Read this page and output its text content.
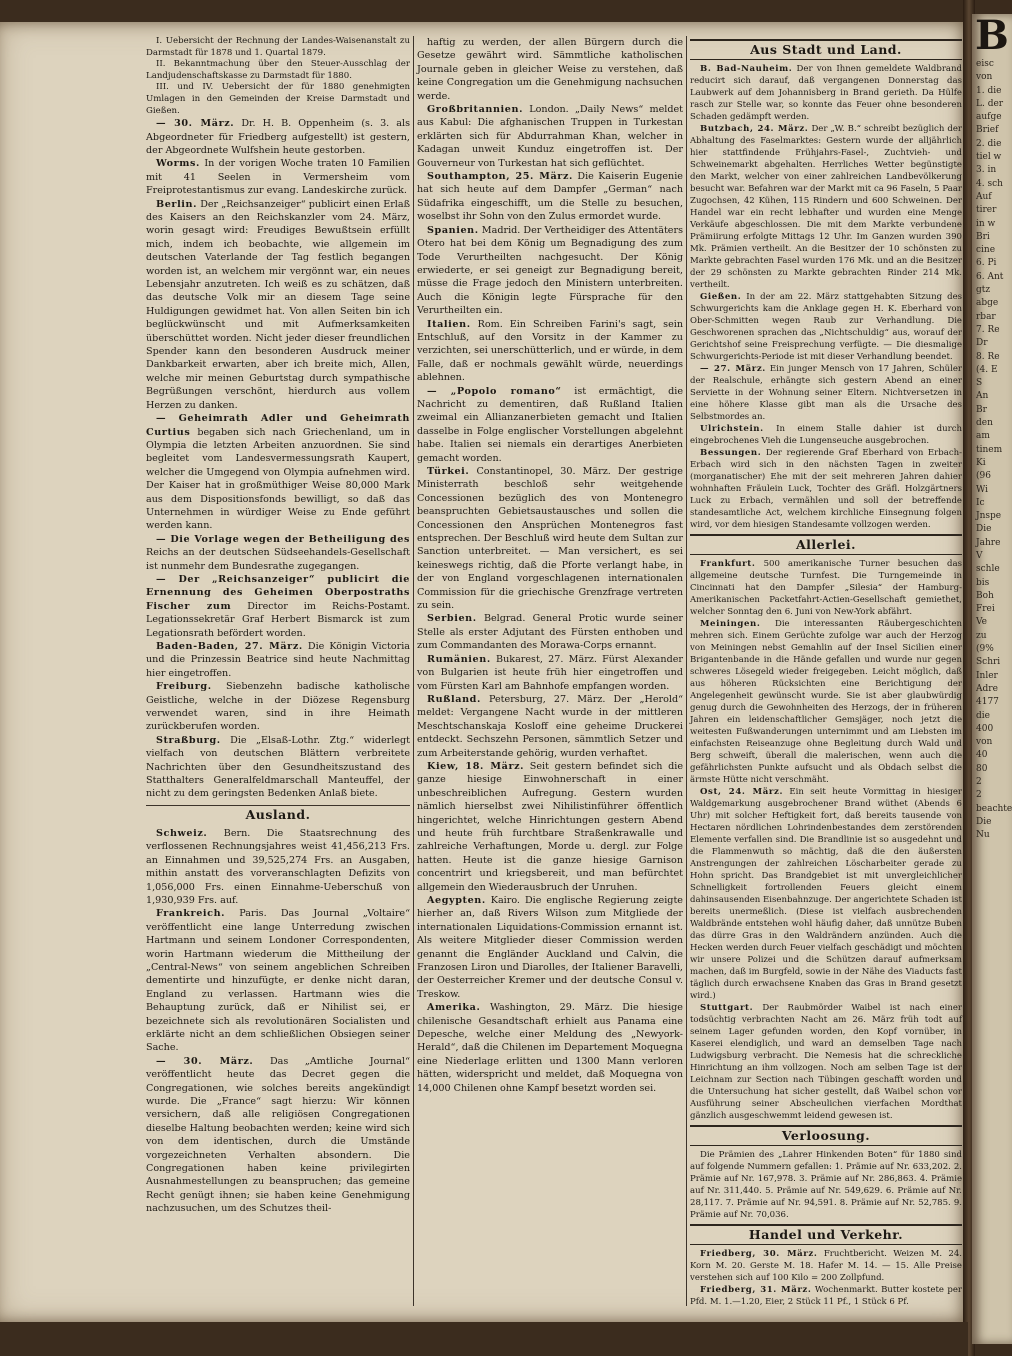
B
eisc
von
1. die
L. der
aufge
Brief
2. die
tiel w
3. in
4. sch
Auf
tirer
in w
Bri
cine
6. Pi
6. Ant
gtz
abge
rbar
7. Re
Dr
8. Re
(4. E
S
An
Br
den
am
tinem
Ki
(96
Wi
Ic
Jnspe
Die
Jahre
V
schle
bis
Boh
Frei
Ve
zu
(9%
Schri
Inler
Adre
4177
die
400
von
40
80
2
2
beachte
Die
Nu

I. Uebersicht der Rechnung der Landes-Waisenanstalt zu Darmstadt für 1878 und 1. Quartal 1879.

II. Bekanntmachung über den Steuer-Ausschlag der Landjudenschaftskasse zu Darmstadt für 1880.

III. und IV. Uebersicht der für 1880 genehmigten Umlagen in den Gemeinden der Kreise Darmstadt und Gießen.

— 30. März. Dr. H. B. Oppenheim (s. 3. als Abgeordneter für Friedberg aufgestellt) ist gestern, der Abgeordnete Wulfshein heute gestorben.

Worms. In der vorigen Woche traten 10 Familien mit 41 Seelen in Vermersheim vom Freiprotestantismus zur evang. Landeskirche zurück.

Berlin. Der „Reichsanzeiger“ publicirt einen Erlaß des Kaisers an den Reichskanzler vom 24. März, worin gesagt wird: Freudiges Bewußtsein erfüllt mich, indem ich beobachte, wie allgemein im deutschen Vaterlande der Tag festlich begangen worden ist, an welchem mir vergönnt war, ein neues Lebensjahr anzutreten. Ich weiß es zu schätzen, daß das deutsche Volk mir an diesem Tage seine Huldigungen gewidmet hat. Von allen Seiten bin ich beglückwünscht und mit Aufmerksamkeiten überschüttet worden. Nicht jeder dieser freundlichen Spender kann den besonderen Ausdruck meiner Dankbarkeit erwarten, aber ich breite mich, Allen, welche mir meinen Geburtstag durch sympathische Begrüßungen verschönt, hierdurch aus vollem Herzen zu danken.

— Geheimrath Adler und Geheimrath Curtius begaben sich nach Griechenland, um in Olympia die letzten Arbeiten anzuordnen. Sie sind begleitet vom Landesvermessungsrath Kaupert, welcher die Umgegend von Olympia aufnehmen wird. Der Kaiser hat in großmüthiger Weise 80,000 Mark aus dem Dispositionsfonds bewilligt, so daß das Unternehmen in würdiger Weise zu Ende geführt werden kann.

— Die Vorlage wegen der Betheiligung des Reichs an der deutschen Südseehandels-Gesellschaft ist nunmehr dem Bundesrathe zugegangen.

— Der „Reichsanzeiger“ publicirt die Ernennung des Geheimen Oberpostraths Fischer zum Director im Reichs-Postamt. Legationssekretär Graf Herbert Bismarck ist zum Legationsrath befördert worden.

Baden-Baden, 27. März. Die Königin Victoria und die Prinzessin Beatrice sind heute Nachmittag hier eingetroffen.

Freiburg. Siebenzehn badische katholische Geistliche, welche in der Diözese Regensburg verwendet waren, sind in ihre Heimath zurückberufen worden.

Straßburg. Die „Elsaß-Lothr. Ztg.“ widerlegt vielfach von deutschen Blättern verbreitete Nachrichten über den Gesundheitszustand des Statthalters Generalfeldmarschall Manteuffel, der nicht zu dem geringsten Bedenken Anlaß biete.

Ausland.

Schweiz. Bern. Die Staatsrechnung des verflossenen Rechnungsjahres weist 41,456,213 Frs. an Einnahmen und 39,525,274 Frs. an Ausgaben, mithin anstatt des vorveranschlagten Defizits von 1,056,000 Frs. einen Einnahme-Ueberschuß von 1,930,939 Frs. auf.

Frankreich. Paris. Das Journal „Voltaire“ veröffentlicht eine lange Unterredung zwischen Hartmann und seinem Londoner Correspondenten, worin Hartmann wiederum die Mittheilung der „Central-News“ von seinem angeblichen Schreiben dementirte und hinzufügte, er denke nicht daran, England zu verlassen. Hartmann wies die Behauptung zurück, daß er Nihilist sei, er bezeichnete sich als revolutionären Socialisten und erklärte nicht an dem schließlichen Obsiegen seiner Sache.

— 30. März. Das „Amtliche Journal“ veröffentlicht heute das Decret gegen die Congregationen, wie solches bereits angekündigt wurde. Die „France“ sagt hierzu: Wir können versichern, daß alle religiösen Congregationen dieselbe Haltung beobachten werden; keine wird sich von dem identischen, durch die Umstände vorgezeichneten Verhalten absondern. Die Congregationen haben keine privilegirten Ausnahmestellungen zu beanspruchen; das gemeine Recht genügt ihnen; sie haben keine Genehmigung nachzusuchen, um des Schutzes theil-

haftig zu werden, der allen Bürgern durch die Gesetze gewährt wird. Sämmtliche katholischen Journale geben in gleicher Weise zu verstehen, daß keine Congregation um die Genehmigung nachsuchen werde.

Großbritannien. London. „Daily News“ meldet aus Kabul: Die afghanischen Truppen in Turkestan erklärten sich für Abdurrahman Khan, welcher in Kadagan unweit Kunduz eingetroffen ist. Der Gouverneur von Turkestan hat sich geflüchtet.

Southampton, 25. März. Die Kaiserin Eugenie hat sich heute auf dem Dampfer „German“ nach Südafrika eingeschifft, um die Stelle zu besuchen, woselbst ihr Sohn von den Zulus ermordet wurde.

Spanien. Madrid. Der Vertheidiger des Attentäters Otero hat bei dem König um Begnadigung des zum Tode Verurtheilten nachgesucht. Der König erwiederte, er sei geneigt zur Begnadigung bereit, müsse die Frage jedoch den Ministern unterbreiten. Auch die Königin legte Fürsprache für den Verurtheilten ein.

Italien. Rom. Ein Schreiben Farini's sagt, sein Entschluß, auf den Vorsitz in der Kammer zu verzichten, sei unerschütterlich, und er würde, in dem Falle, daß er nochmals gewählt würde, neuerdings ablehnen.

— „Popolo romano“ ist ermächtigt, die Nachricht zu dementiren, daß Rußland Italien zweimal ein Allianzanerbieten gemacht und Italien dasselbe in Folge englischer Vorstellungen abgelehnt habe. Italien sei niemals ein derartiges Anerbieten gemacht worden.

Türkei. Constantinopel, 30. März. Der gestrige Ministerrath beschloß sehr weitgehende Concessionen bezüglich des von Montenegro beanspruchten Gebietsaustausches und sollen die Concessionen den Ansprüchen Montenegros fast entsprechen. Der Beschluß wird heute dem Sultan zur Sanction unterbreitet. — Man versichert, es sei keineswegs richtig, daß die Pforte verlangt habe, in der von England vorgeschlagenen internationalen Commission für die griechische Grenzfrage vertreten zu sein.

Serbien. Belgrad. General Protic wurde seiner Stelle als erster Adjutant des Fürsten enthoben und zum Commandanten des Morawa-Corps ernannt.

Rumänien. Bukarest, 27. März. Fürst Alexander von Bulgarien ist heute früh hier eingetroffen und vom Fürsten Karl am Bahnhofe empfangen worden.

Rußland. Petersburg, 27. März. Der „Herold“ meldet: Vergangene Nacht wurde in der mittleren Meschtschanskaja Kosloff eine geheime Druckerei entdeckt. Sechszehn Personen, sämmtlich Setzer und zum Arbeiterstande gehörig, wurden verhaftet.

Kiew, 18. März. Seit gestern befindet sich die ganze hiesige Einwohnerschaft in einer unbeschreiblichen Aufregung. Gestern wurden nämlich hierselbst zwei Nihilistinführer öffentlich hingerichtet, welche Hinrichtungen gestern Abend und heute früh furchtbare Straßenkrawalle und zahlreiche Verhaftungen, Morde u. dergl. zur Folge hatten. Heute ist die ganze hiesige Garnison concentrirt und kriegsbereit, und man befürchtet allgemein den Wiederausbruch der Unruhen.

Aegypten. Kairo. Die englische Regierung zeigte hierher an, daß Rivers Wilson zum Mitgliede der internationalen Liquidations-Commission ernannt ist. Als weitere Mitglieder dieser Commission werden genannt die Engländer Auckland und Calvin, die Franzosen Liron und Diarolles, der Italiener Baravelli, der Oesterreicher Kremer und der deutsche Consul v. Treskow.

Amerika. Washington, 29. März. Die hiesige chilenische Gesandtschaft erhielt aus Panama eine Depesche, welche einer Meldung des „Newyork-Herald“, daß die Chilenen im Departement Moquegna eine Niederlage erlitten und 1300 Mann verloren hätten, widerspricht und meldet, daß Moquegna von 14,000 Chilenen ohne Kampf besetzt worden sei.

Aus Stadt und Land.

B. Bad-Nauheim. Der von Ihnen gemeldete Waldbrand reducirt sich darauf, daß vergangenen Donnerstag das Laubwerk auf dem Johannisberg in Brand gerieth. Da Hülfe rasch zur Stelle war, so konnte das Feuer ohne besonderen Schaden gedämpft werden.

Butzbach, 24. März. Der „W. B.“ schreibt bezüglich der Abhaltung des Faselmarktes: Gestern wurde der alljährlich hier stattfindende Frühjahrs-Fasel-, Zuchtvieh- und Schweinemarkt abgehalten. Herrliches Wetter begünstigte den Markt, welcher von einer zahlreichen Landbevölkerung besucht war. Befahren war der Markt mit ca 96 Faseln, 5 Paar Zugochsen, 42 Kühen, 115 Rindern und 600 Schweinen. Der Handel war ein recht lebhafter und wurden eine Menge Verkäufe abgeschlossen. Die mit dem Markte verbundene Prämiirung erfolgte Mittags 12 Uhr. Im Ganzen wurden 390 Mk. Prämien vertheilt. An die Besitzer der 10 schönsten zu Markte gebrachten Fasel wurden 176 Mk. und an die Besitzer der 29 schönsten zu Markte gebrachten Rinder 214 Mk. vertheilt.

Gießen. In der am 22. März stattgehabten Sitzung des Schwurgerichts kam die Anklage gegen H. K. Eberhard von Ober-Schmitten wegen Raub zur Verhandlung. Die Geschworenen sprachen das „Nichtschuldig“ aus, worauf der Gerichtshof seine Freisprechung verfügte. — Die diesmalige Schwurgerichts-Periode ist mit dieser Verhandlung beendet.

— 27. März. Ein junger Mensch von 17 Jahren, Schüler der Realschule, erhängte sich gestern Abend an einer Serviette in der Wohnung seiner Eltern. Nichtversetzen in eine höhere Klasse gibt man als die Ursache des Selbstmordes an.

Ulrichstein. In einem Stalle dahier ist durch eingebrochenes Vieh die Lungenseuche ausgebrochen.

Bessungen. Der regierende Graf Eberhard von Erbach-Erbach wird sich in den nächsten Tagen in zweiter (morganatischer) Ehe mit der seit mehreren Jahren dahier wohnhaften Fräulein Luck, Tochter des Gräfl. Holzgärtners Luck zu Erbach, vermählen und soll der betreffende standesamtliche Act, welchem kirchliche Einsegnung folgen wird, vor dem hiesigen Standesamte vollzogen werden.

Allerlei.

Frankfurt. 500 amerikanische Turner besuchen das allgemeine deutsche Turnfest. Die Turngemeinde in Cincinnati hat den Dampfer „Silesia“ der Hamburg-Amerikanischen Packetfahrt-Actien-Gesellschaft gemiethet, welcher Sonntag den 6. Juni von New-York abfährt.

Meiningen. Die interessanten Räubergeschichten mehren sich. Einem Gerüchte zufolge war auch der Herzog von Meiningen nebst Gemahlin auf der Insel Sicilien einer Brigantenbande in die Hände gefallen und wurde nur gegen schweres Lösegeld wieder freigegeben. Leicht möglich, daß aus höheren Rücksichten eine Berichtigung der Angelegenheit gewünscht wurde. Sie ist aber glaubwürdig genug durch die Gewohnheiten des Herzogs, der in früheren Jahren ein leidenschaftlicher Gemsjäger, noch jetzt die weitesten Fußwanderungen unternimmt und am Liebsten im einfachsten Reiseanzuge ohne Begleitung durch Wald und Berg schweift, überall die malerischen, wenn auch die gefährlichsten Punkte aufsucht und als Obdach selbst die ärmste Hütte nicht verschmäht.

Ost, 24. März. Ein seit heute Vormittag in hiesiger Waldgemarkung ausgebrochener Brand wüthet (Abends 6 Uhr) mit solcher Heftigkeit fort, daß bereits tausende von Hectaren nördlichen Lohrindenbestandes dem zerstörenden Elemente verfallen sind. Die Brandlinie ist so ausgedehnt und die Flammenwuth so mächtig, daß die den äußersten Anstrengungen der zahlreichen Löscharbeiter gerade zu Hohn spricht. Das Brandgebiet ist mit unvergleichlicher Schnelligkeit fortrollenden Feuers gleicht einem dahinsausenden Eisenbahnzuge. Der angerichtete Schaden ist bereits unermeßlich. (Diese ist vielfach ausbrechenden Waldbrände entstehen wohl häufig daher, daß unnütze Buben das dürre Gras in den Waldrändern anzünden. Auch die Hecken werden durch Feuer vielfach geschädigt und möchten wir unsere Polizei und die Schützen darauf aufmerksam machen, daß im Burgfeld, sowie in der Nähe des Viaducts fast täglich durch erwachsene Knaben das Gras in Brand gesetzt wird.)

Stuttgart. Der Raubmörder Waibel ist nach einer todsüchtig verbrachten Nacht am 26. März früh todt auf seinem Lager gefunden worden, den Kopf vornüber, in Kaserei elendiglich, und ward an demselben Tage nach Ludwigsburg verbracht. Die Nemesis hat die schreckliche Hinrichtung an ihm vollzogen. Noch am selben Tage ist der Leichnam zur Section nach Tübingen geschafft worden und die Untersuchung hat sicher gestellt, daß Waibel schon vor Ausführung seiner Abscheulichen vierfachen Mordthat gänzlich ausgeschwemmt leidend gewesen ist.

Verloosung.

Die Prämien des „Lahrer Hinkenden Boten“ für 1880 sind auf folgende Nummern gefallen: 1. Prämie auf Nr. 633,202. 2. Prämie auf Nr. 167,978. 3. Prämie auf Nr. 286,863. 4. Prämie auf Nr. 311,440. 5. Prämie auf Nr. 549,629. 6. Prämie auf Nr. 28,117. 7. Prämie auf Nr. 94,591. 8. Prämie auf Nr. 52,785. 9. Prämie auf Nr. 70,036.

Handel und Verkehr.

Friedberg, 30. März. Fruchtbericht. Weizen M. 24. Korn M. 20. Gerste M. 18. Hafer M. 14. — 15. Alle Preise verstehen sich auf 100 Kilo = 200 Zollpfund.

Friedberg, 31. März. Wochenmarkt. Butter kostete per Pfd. M. 1.—1.20, Eier, 2 Stück 11 Pf., 1 Stück 6 Pf.
